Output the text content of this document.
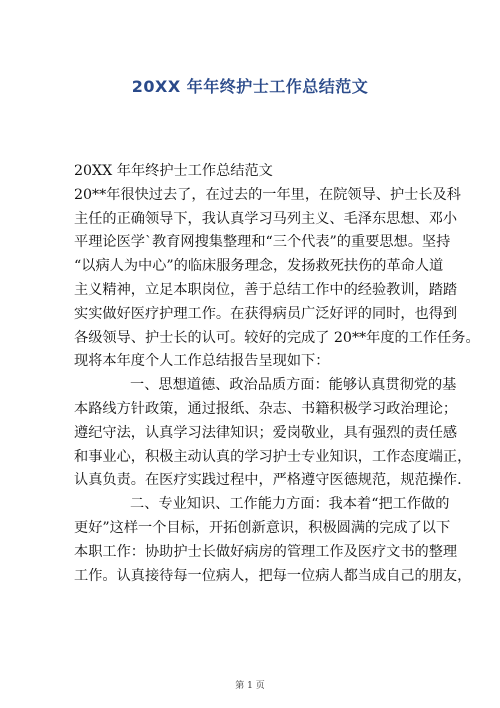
20XX 年年终护士工作总结范文
20XX 年年终护士工作总结范文
20**年很快过去了，在过去的一年里，在院领导、护士长及科
主任的正确领导下，我认真学习马列主义、毛泽东思想、邓小
平理论医学`教育网搜集整理和“三个代表”的重要思想。坚持
“以病人为中心”的临床服务理念，发扬救死扶伤的革命人道
主义精神，立足本职岗位，善于总结工作中的经验教训，踏踏
实实做好医疗护理工作。在获得病员广泛好评的同时，也得到
各级领导、护士长的认可。较好的完成了 20**年度的工作任务。
现将本年度个人工作总结报告呈现如下：
一、思想道德、政治品质方面：能够认真贯彻党的基
本路线方针政策，通过报纸、杂志、书籍积极学习政治理论；
遵纪守法，认真学习法律知识；爱岗敬业，具有强烈的责任感
和事业心，积极主动认真的学习护士专业知识，工作态度端正，
认真负责。在医疗实践过程中，严格遵守医德规范，规范操作.
二、专业知识、工作能力方面：我本着“把工作做的
更好”这样一个目标，开拓创新意识，积极圆满的完成了以下
本职工作：协助护士长做好病房的管理工作及医疗文书的整理
工作。认真接待每一位病人，把每一位病人都当成自己的朋友，
第 1 页
